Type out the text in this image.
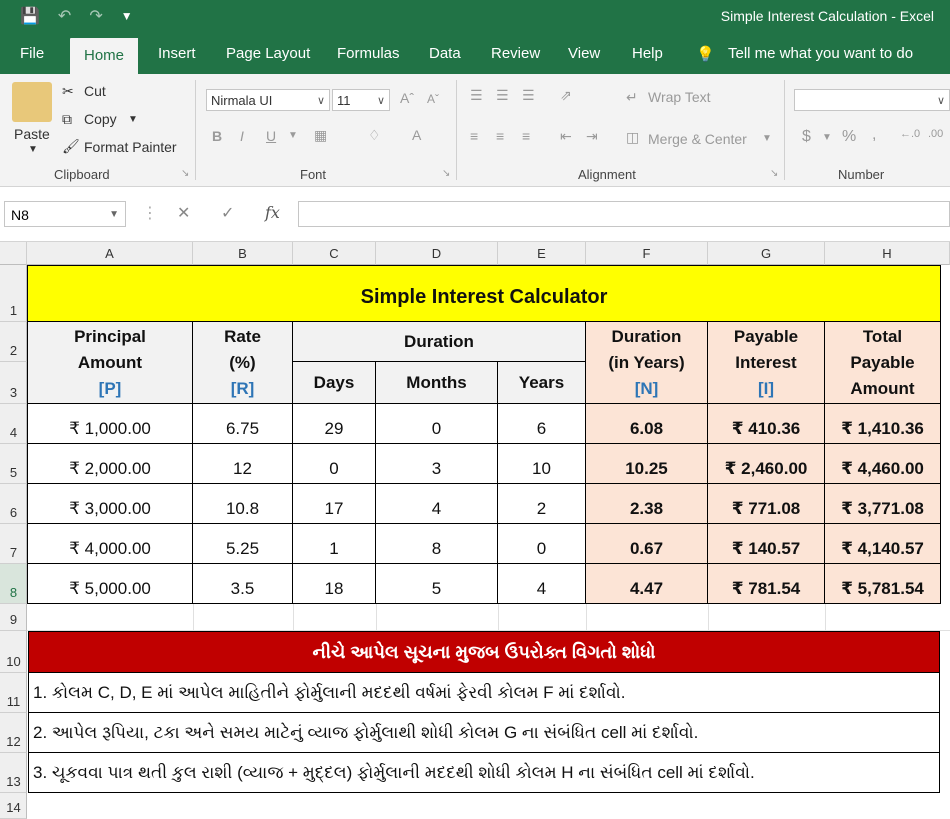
💾 ↶ ↷ ▼	Simple Interest Calculation - Excel
File	Home	Insert Page Layout Formulas Data Review View Help 💡 Tell me what you want to do
Paste
▼
✂ Cut
⧉ Copy ▼
🖌 Format Painter
Clipboard	↘
Nirmala UI	∨ 11 ∨ Aˆ Aˇ
B I U ▼ ▦	♢ A
Font	↘
☰ ☰ ☰ ⇗	↵ Wrap Text
≡ ≡ ≡ ⇤ ⇥ ◫ Merge & Center ▼
Alignment	↘
∨
$ ▼ % , ←.0 .00
Number
N8	▼ ⋮ ✕ ✓ fx
A	B	C	D	E	F	G	H
1
2
3
4
5
6
7
8
9
10
11
12
13
14
Simple Interest Calculator
Principal
Amount
[P]
Rate
(%)
[R]
Duration
Days	Months	Years
Duration
(in Years)
[N]
Payable
Interest
[I]
Total
Payable
Amount
₹ 1,000.00	6.75	29	0	6	6.08	₹ 410.36	₹ 1,410.36
₹ 2,000.00	12	0	3	10	10.25	₹ 2,460.00	₹ 4,460.00
₹ 3,000.00	10.8	17	4	2	2.38	₹ 771.08	₹ 3,771.08
₹ 4,000.00	5.25	1	8	0	0.67	₹ 140.57	₹ 4,140.57
₹ 5,000.00	3.5	18	5	4	4.47	₹ 781.54	₹ 5,781.54
નીચે આપેલ સૂચના મુજબ ઉપરોક્ત વિગતો શોધો
1. કોલમ C, D, E માં આપેલ માહિતીને ફોર્મુલાની મદદથી વર્ષમાં ફેરવી કોલમ F માં દર્શાવો.
2. આપેલ રૂપિયા, ટકા અને સમય માટેનું વ્યાજ ફોર્મુલાથી શોધી કોલમ G ના સંબંધિત cell માં દર્શાવો.
3. ચૂકવવા પાત્ર થતી કુલ રાશી (વ્યાજ + મુદ્દલ) ફોર્મુલાની મદદથી શોધી કોલમ H ના સંબંધિત cell માં દર્શાવો.
